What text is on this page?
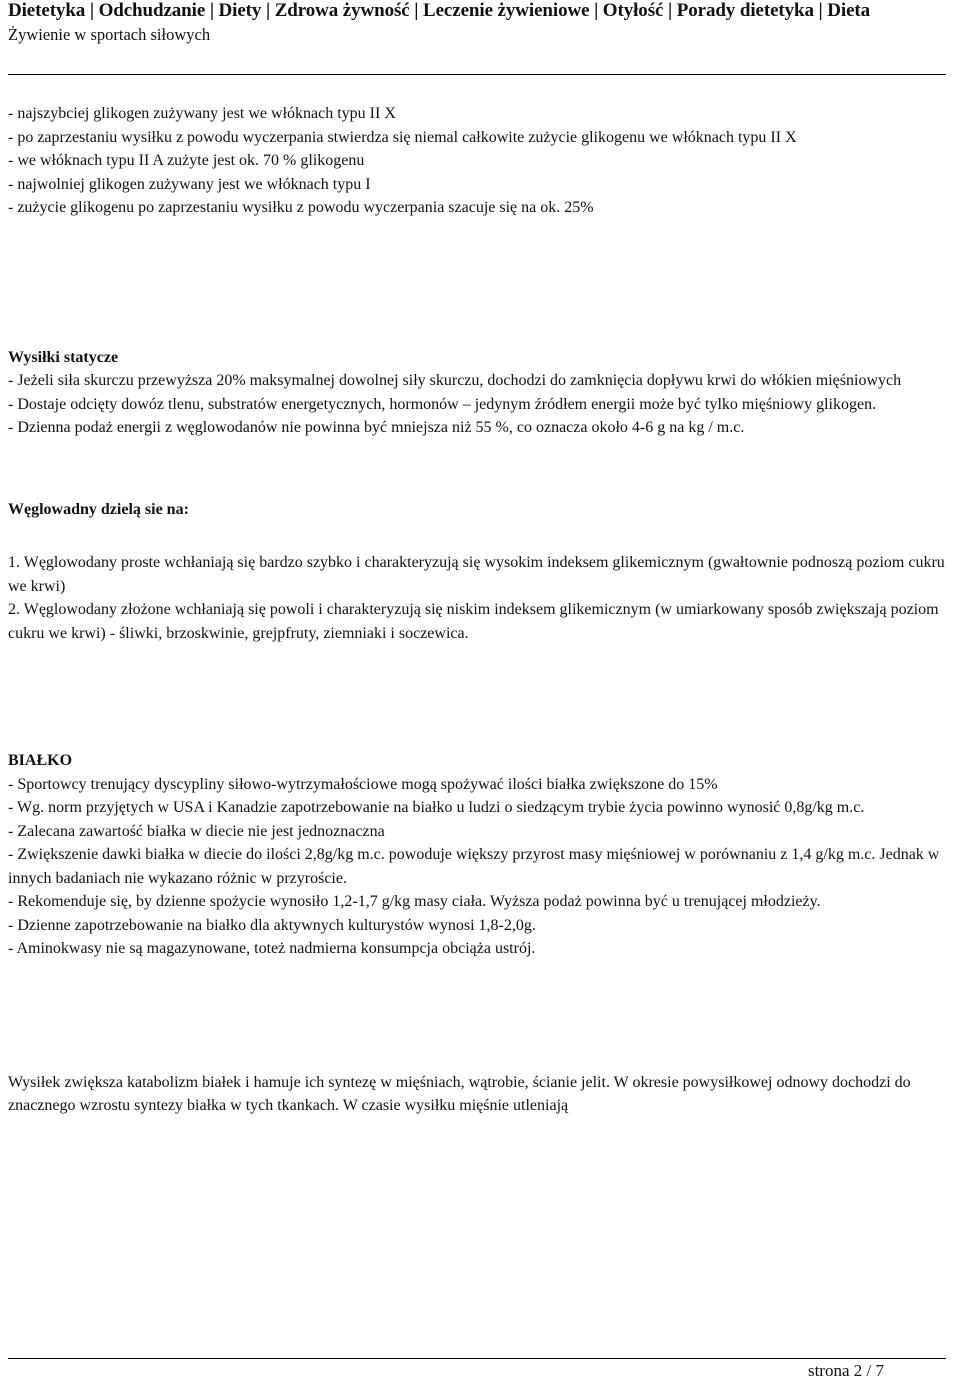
Dietetyka | Odchudzanie | Diety | Zdrowa żywność | Leczenie żywieniowe | Otyłość | Porady dietetyka | Dieta
Żywienie w sportach siłowych

- najszybciej glikogen zużywany jest we włóknach typu II X

- po zaprzestaniu wysiłku z powodu wyczerpania stwierdza się niemal całkowite zużycie glikogenu we włóknach typu II X

- we włóknach typu II A zużyte jest ok. 70 % glikogenu

- najwolniej glikogen zużywany jest we włóknach typu I

- zużycie glikogenu po zaprzestaniu wysiłku z powodu wyczerpania szacuje się na ok. 25%

Wysiłki statycze

- Jeżeli siła skurczu przewyższa 20% maksymalnej dowolnej siły skurczu, dochodzi do zamknięcia dopływu krwi do włókien mięśniowych

- Dostaje odcięty dowóz tlenu, substratów energetycznych, hormonów – jedynym źródłem energii może być tylko mięśniowy glikogen.

- Dzienna podaż energii z węglowodanów nie powinna być mniejsza niż 55 %, co oznacza około 4-6 g na kg / m.c.

Węglowadny dzielą sie na:

1. Węglowodany proste wchłaniają się bardzo szybko i charakteryzują się wysokim indeksem glikemicznym (gwałtownie podnoszą poziom cukru we krwi)

2. Węglowodany złożone wchłaniają się powoli i charakteryzują się niskim indeksem glikemicznym (w umiarkowany sposób zwiększają poziom cukru we krwi) - śliwki, brzoskwinie, grejpfruty, ziemniaki i soczewica.

BIAŁKO

- Sportowcy trenujący dyscypliny siłowo-wytrzymałościowe mogą spożywać ilości białka zwiększone do 15%

- Wg. norm przyjętych w USA i Kanadzie zapotrzebowanie na białko u ludzi o siedzącym trybie życia powinno wynosić 0,8g/kg m.c.

- Zalecana zawartość białka w diecie nie jest jednoznaczna

- Zwiększenie dawki białka w diecie do ilości 2,8g/kg m.c. powoduje większy przyrost masy mięśniowej w porównaniu z 1,4 g/kg m.c. Jednak w innych badaniach nie wykazano różnic w przyroście.

- Rekomenduje się, by dzienne spożycie wynosiło 1,2-1,7 g/kg masy ciała. Wyższa podaż powinna być u trenującej młodzieży.

- Dzienne zapotrzebowanie na białko dla aktywnych kulturystów wynosi 1,8-2,0g.

- Aminokwasy nie są magazynowane, toteż nadmierna konsumpcja obciąża ustrój.

Wysiłek zwiększa katabolizm białek i hamuje ich syntezę w mięśniach, wątrobie, ścianie jelit. W okresie powysiłkowej odnowy dochodzi do znacznego wzrostu syntezy białka w tych tkankach. W czasie wysiłku mięśnie utleniają

strona 2 / 7
